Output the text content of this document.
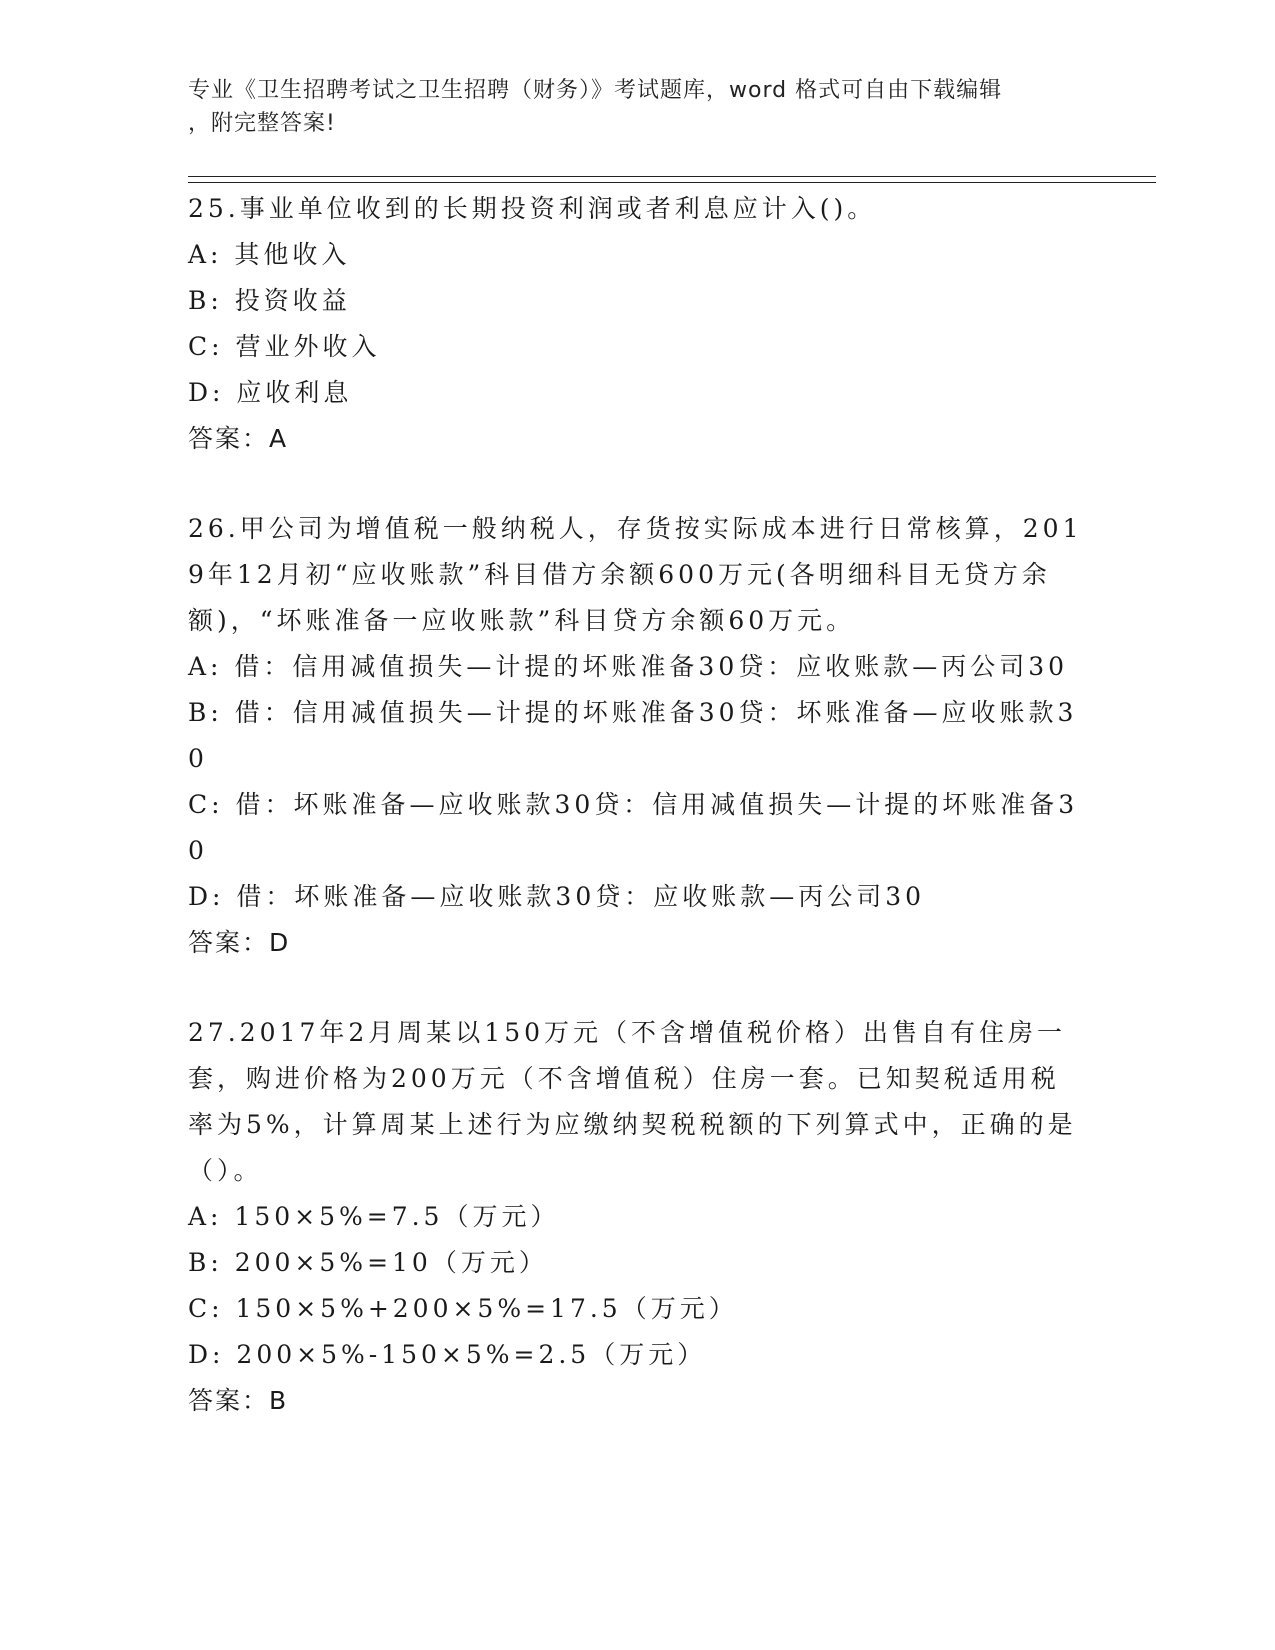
专业《卫生招聘考试之卫生招聘（财务）》考试题库，word 格式可自由下载编辑
，附完整答案!
25.事业单位收到的长期投资利润或者利息应计入()。
A: 其他收入
B: 投资收益
C: 营业外收入
D: 应收利息
答案：A
26.甲公司为增值税一般纳税人，存货按实际成本进行日常核算，2019年12月初“应收账款”科目借方余额600万元(各明细科目无贷方余额)，“坏账准备一应收账款”科目贷方余额60万元。
A: 借：信用减值损失—计提的坏账准备30贷：应收账款—丙公司30
B: 借：信用减值损失—计提的坏账准备30贷：坏账准备—应收账款30
C: 借：坏账准备—应收账款30贷：信用减值损失—计提的坏账准备30
D: 借：坏账准备—应收账款30贷：应收账款—丙公司30
答案：D
27.2017年2月周某以150万元（不含增值税价格）出售自有住房一套，购进价格为200万元（不含增值税）住房一套。已知契税适用税率为5%，计算周某上述行为应缴纳契税税额的下列算式中，正确的是（）。
A: 150×5%=7.5（万元）
B: 200×5%=10（万元）
C: 150×5%+200×5%=17.5（万元）
D: 200×5%-150×5%=2.5（万元）
答案：B
